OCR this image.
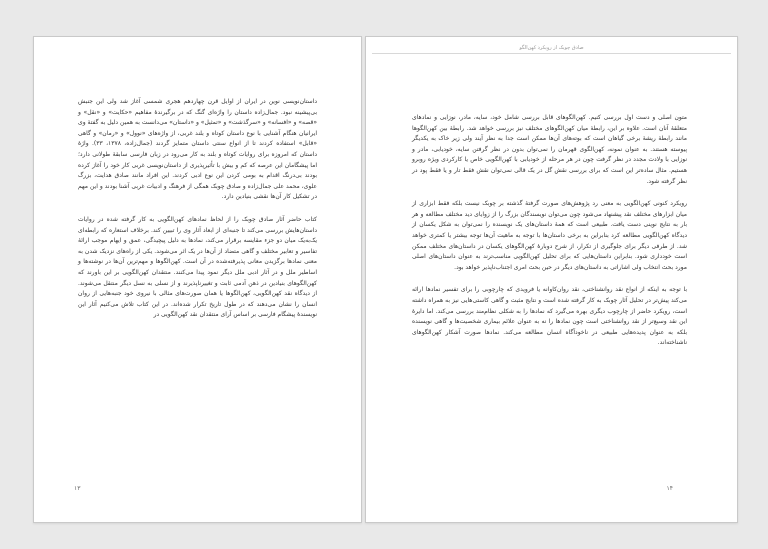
داستان‌نویسی نوین در ایران از اوایل قرن چهاردهم هجری شمسی آغاز شد ولی این جنبش بی‌پیشینه نبود. جمال‌زاده داستان را واژه‌ای گنگ که در برگیرندهٔ مفاهیم «حکایت» و «نقل» و «قصه» و «افسانه» و «سرگذشت» و «تمثیل» و «داستان» می‌دانست به همین دلیل به گفتهٔ وی ایرانیان هنگام آشنایی با نوع داستان کوتاه و بلند غربی، از واژه‌های «نوول» و «رمان» و گاهی «قابل» استفاده کردند تا از انواع سنتی داستان متمایز گردند (جمال‌زاده، ۱۳۷۸، ۳۳). واژهٔ داستان که امروزه برای روایات کوتاه و بلند به کار می‌رود در زبان فارسی سابقهٔ طولانی دارد؛ اما پیشگامان این عرصه که کم و بیش با تأثیرپذیری از داستان‌نویسی غربی کار خود را آغاز کرده بودند بی‌درنگ اقدام به بومی کردن این نوع ادبی کردند. این افراد مانند صادق هدایت، بزرگ علوی، محمد علی جمال‌زاده و صادق چوبک همگی از فرهنگ و ادبیات غربی آشنا بودند و این مهم در تشکیل کار آن‌ها نقشی بنیادین دارد.

کتاب حاضر آثار صادق چوبک را از لحاظ نمادهای کهن‌الگویی به کار گرفته شده در روایات داستان‌هایش بررسی می‌کند تا جنبه‌ای از ابعاد آثار وی را تبیین کند. برخلاف استعاره که رابطه‌ای یک‌به‌یک میان دو جزء مقایسه برقرار می‌کند، نمادها به دلیل پیچیدگی، عمق و ایهام موجب ارائهٔ تفاسیر و تعابیر مختلف و گاهی متضاد از آن‌ها در یک اثر می‌شوند. یکی از راه‌های نزدیک شدن به معنی نمادها برگزیدن معانی پذیرفته‌شده در آن است. کهن‌الگوها و مهم‌ترین آن‌ها در نوشته‌ها و اساطیر ملل و در آثار ادبی ملل دیگر نمود پیدا می‌کنند. منتقدان کهن‌الگویی بر این باورند که کهن‌الگوهای بنیادین در ذهن آدمی ثابت و تغییرناپذیرند و از نسلی به نسل دیگر منتقل می‌شوند. از دیدگاه نقد کهن‌الگویی، کهن‌الگوها یا همان صورت‌های مثالی با نیروی خود جنبه‌هایی از روان انسان را نشان می‌دهند که در طول تاریخ تکرار شده‌اند. در این کتاب تلاش می‌کنیم آثار این نویسندهٔ پیشگام فارسی بر اساس آرای منتقدان نقد کهن‌الگویی در

۱۳
صادق چوبک از رویکرد کهن‌الگو

متون اصلی و دست اول بررسی کنیم. کهن‌الگوهای قابل بررسی شامل خود، سایه، مادر، نوزایی و نمادهای متعلقهٔ آنان است. علاوه بر این، رابطهٔ میان کهن‌الگوهای مختلف نیز بررسی خواهد شد. رابطهٔ بین کهن‌الگوها مانند رابطهٔ ریشهٔ برخی گیاهان است که بوته‌های آن‌ها ممکن است جدا به نظر آیند ولی زیر خاک به یکدیگر پیوسته هستند. به عنوان نمونه، کهن‌الگوی قهرمان را نمی‌توان بدون در نظر گرفتن سایه، خودیابی، مادر و نوزایی با ولادت مجدد در نظر گرفت چون در هر مرحله از خودیابی با کهن‌الگویی خاص یا کارکردی ویژه روبرو هستیم. مثال ساده‌تر این است که برای بررسی نقش گل در یک قالی نمی‌توان نقش فقط تار و یا فقط پود در نظر گرفته شود.

رویکرد کنونی کهن‌الگویی به معنی رد پژوهش‌های صورت گرفتهٔ گذشته بر چوبک نیست بلکه فقط ابزاری از میان ابزارهای مختلف نقد پیشنهاد می‌شود چون می‌توان نویسندگان بزرگ را از زوایای دید مختلف مطالعه و هر بار به نتایج نوینی دست یافت. طبیعی است که همهٔ داستان‌های یک نویسنده را نمی‌توان به شکل یکسان از دیدگاه کهن‌الگویی مطالعه کرد بنابراین به برخی داستان‌ها با توجه به ماهیت آن‌ها توجه بیشتر یا کمتری خواهد شد. از طرفی دیگر برای جلوگیری از تکرار، از شرح دوبارهٔ کهن‌الگوهای یکسان در داستان‌های مختلف ممکن است خودداری شود. بنابراین داستان‌هایی که برای تحلیل کهن‌الگویی مناسب‌ترند به عنوان داستان‌های اصلی مورد بحث انتخاب ولی اشاراتی به داستان‌های دیگر در حین بحث امری اجتناب‌ناپذیر خواهد بود.

با توجه به اینکه از انواع نقد روانشناختی، نقد روان‌کاوانه یا فرویدی که چارچوبی را برای تفسیر نمادها ارائه می‌کند پیش‌تر در تحلیل آثار چوبک به کار گرفته شده است و نتایج مثبت و گاهی کاستی‌هایی نیز به همراه داشته است، رویکرد حاضر از چارچوب دیگری بهره می‌گیرد که نمادها را به شکلی نظام‌مند بررسی می‌کند. اما دایرهٔ این نقد وسیع‌تر از نقد روانشناختی است چون نمادها را نه به عنوان علائم بیماری شخصیت‌ها و گاهی نویسنده بلکه به عنوان پدیده‌هایی طبیعی در ناخودآگاه انسان مطالعه می‌کند. نمادها صورت آشکار کهن‌الگوهای ناشناخته‌اند.

۱۴
